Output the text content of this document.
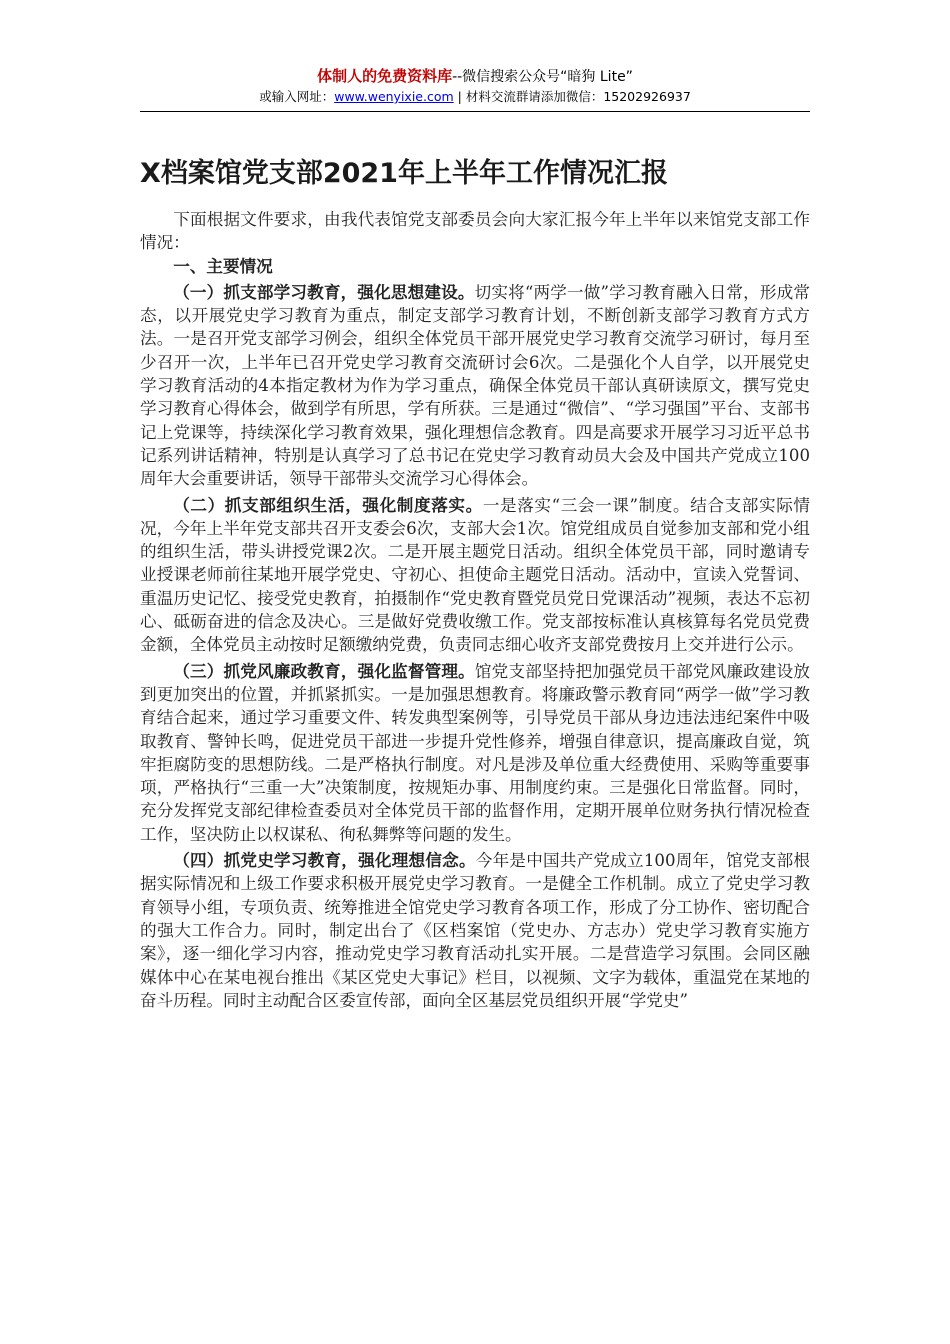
体制人的免费资料库--微信搜索公众号“暗狗 Lite”
或输入网址：www.wenyixie.com | 材料交流群请添加微信：15202926937
X档案馆党支部2021年上半年工作情况汇报

下面根据文件要求，由我代表馆党支部委员会向大家汇报今年上半年以来馆党支部工作情况：

一、主要情况

（一）抓支部学习教育，强化思想建设。切实将“两学一做”学习教育融入日常，形成常态，以开展党史学习教育为重点，制定支部学习教育计划，不断创新支部学习教育方式方法。一是召开党支部学习例会，组织全体党员干部开展党史学习教育交流学习研讨，每月至少召开一次，上半年已召开党史学习教育交流研讨会6次。二是强化个人自学，以开展党史学习教育活动的4本指定教材为作为学习重点，确保全体党员干部认真研读原文，撰写党史学习教育心得体会，做到学有所思，学有所获。三是通过“微信”、“学习强国”平台、支部书记上党课等，持续深化学习教育效果，强化理想信念教育。四是高要求开展学习习近平总书记系列讲话精神，特别是认真学习了总书记在党史学习教育动员大会及中国共产党成立100周年大会重要讲话，领导干部带头交流学习心得体会。

（二）抓支部组织生活，强化制度落实。一是落实“三会一课”制度。结合支部实际情况，今年上半年党支部共召开支委会6次，支部大会1次。馆党组成员自觉参加支部和党小组的组织生活，带头讲授党课2次。二是开展主题党日活动。组织全体党员干部，同时邀请专业授课老师前往某地开展学党史、守初心、担使命主题党日活动。活动中，宣读入党誓词、重温历史记忆、接受党史教育，拍摄制作“党史教育暨党员党日党课活动”视频，表达不忘初心、砥砺奋进的信念及决心。三是做好党费收缴工作。党支部按标准认真核算每名党员党费金额，全体党员主动按时足额缴纳党费，负责同志细心收齐支部党费按月上交并进行公示。

（三）抓党风廉政教育，强化监督管理。馆党支部坚持把加强党员干部党风廉政建设放到更加突出的位置，并抓紧抓实。一是加强思想教育。将廉政警示教育同“两学一做”学习教育结合起来，通过学习重要文件、转发典型案例等，引导党员干部从身边违法违纪案件中吸取教育、警钟长鸣，促进党员干部进一步提升党性修养，增强自律意识，提高廉政自觉，筑牢拒腐防变的思想防线。二是严格执行制度。对凡是涉及单位重大经费使用、采购等重要事项，严格执行“三重一大”决策制度，按规矩办事、用制度约束。三是强化日常监督。同时，充分发挥党支部纪律检查委员对全体党员干部的监督作用，定期开展单位财务执行情况检查工作，坚决防止以权谋私、徇私舞弊等问题的发生。

（四）抓党史学习教育，强化理想信念。今年是中国共产党成立100周年，馆党支部根据实际情况和上级工作要求积极开展党史学习教育。一是健全工作机制。成立了党史学习教育领导小组，专项负责、统筹推进全馆党史学习教育各项工作，形成了分工协作、密切配合的强大工作合力。同时，制定出台了《区档案馆（党史办、方志办）党史学习教育实施方案》，逐一细化学习内容，推动党史学习教育活动扎实开展。二是营造学习氛围。会同区融媒体中心在某电视台推出《某区党史大事记》栏目，以视频、文字为载体，重温党在某地的奋斗历程。同时主动配合区委宣传部，面向全区基层党员组织开展“学党史”
